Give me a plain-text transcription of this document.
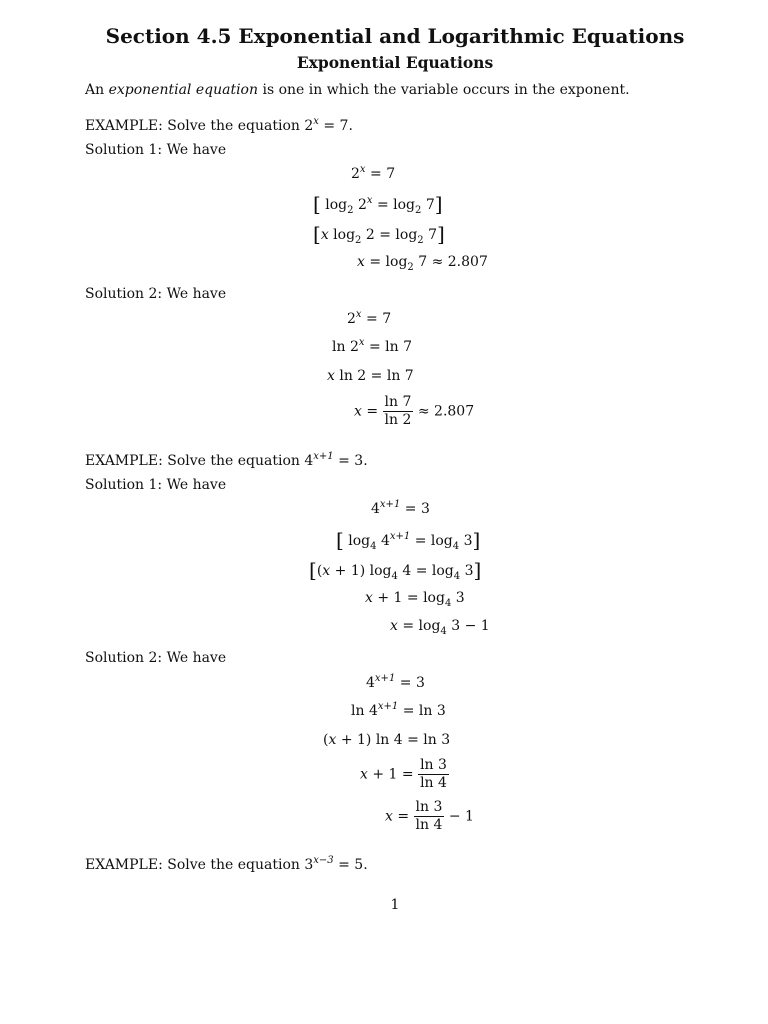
Section 4.5 Exponential and Logarithmic Equations
Exponential Equations
An exponential equation is one in which the variable occurs in the exponent.
EXAMPLE: Solve the equation $2^x = 7$.
Solution 1: We have
$2^x = 7$
[ $\log_2 2^x = \log_2 7$]
[x $\log_2 2 = \log_2 7$]
$x = \log_2 7 \approx 2.807$
Solution 2: We have
$2^x = 7$
$\ln 2^x = \ln 7$
x ln 2 = ln 7
$x = \frac{\ln 7}{\ln 2} \approx 2.807$
EXAMPLE: Solve the equation $4^{x+1} = 3$.
Solution 1: We have
$4^{x+1} = 3$
[ $\log_4 4^{x+1} = \log_4 3$]
[(x + 1) $\log_4 4 = \log_4 3$]
$x + 1 = \log_4 3$
$x = \log_4 3 - 1$
Solution 2: We have
$4^{x+1} = 3$
$\ln 4^{x+1} = \ln 3$
(x + 1) ln 4 = ln 3
$x + 1 = \frac{\ln 3}{\ln 4}$
$x = \frac{\ln 3}{\ln 4} - 1$
EXAMPLE: Solve the equation $3^{x-3} = 5$.
1
